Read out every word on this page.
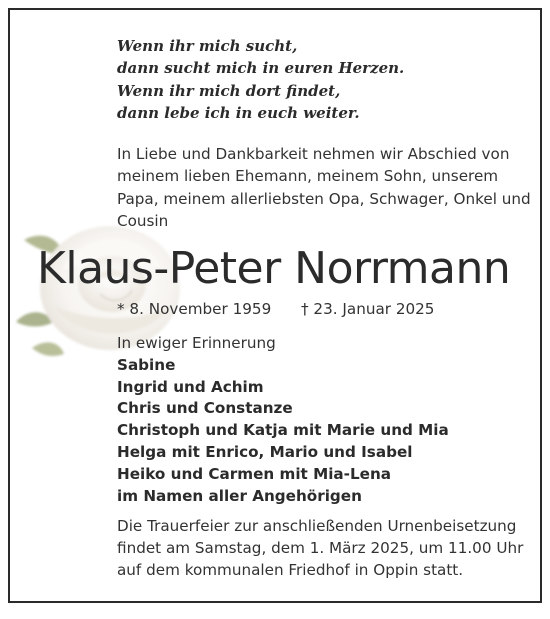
Wenn ihr mich sucht,
dann sucht mich in euren Herzen.
Wenn ihr mich dort findet,
dann lebe ich in euch weiter.

In Liebe und Dankbarkeit nehmen wir Abschied von meinem lieben Ehemann, meinem Sohn, unserem Papa, meinem allerliebsten Opa, Schwager, Onkel und Cousin

Klaus-Peter Norrmann
* 8. November 1959 † 23. Januar 2025
In ewiger Erinnerung
Sabine
Ingrid und Achim
Chris und Constanze
Christoph und Katja mit Marie und Mia
Helga mit Enrico, Mario und Isabel
Heiko und Carmen mit Mia-Lena
im Namen aller Angehörigen
Die Trauerfeier zur anschließenden Urnenbeisetzung
findet am Samstag, dem 1. März 2025, um 11.00 Uhr
auf dem kommunalen Friedhof in Oppin statt.
